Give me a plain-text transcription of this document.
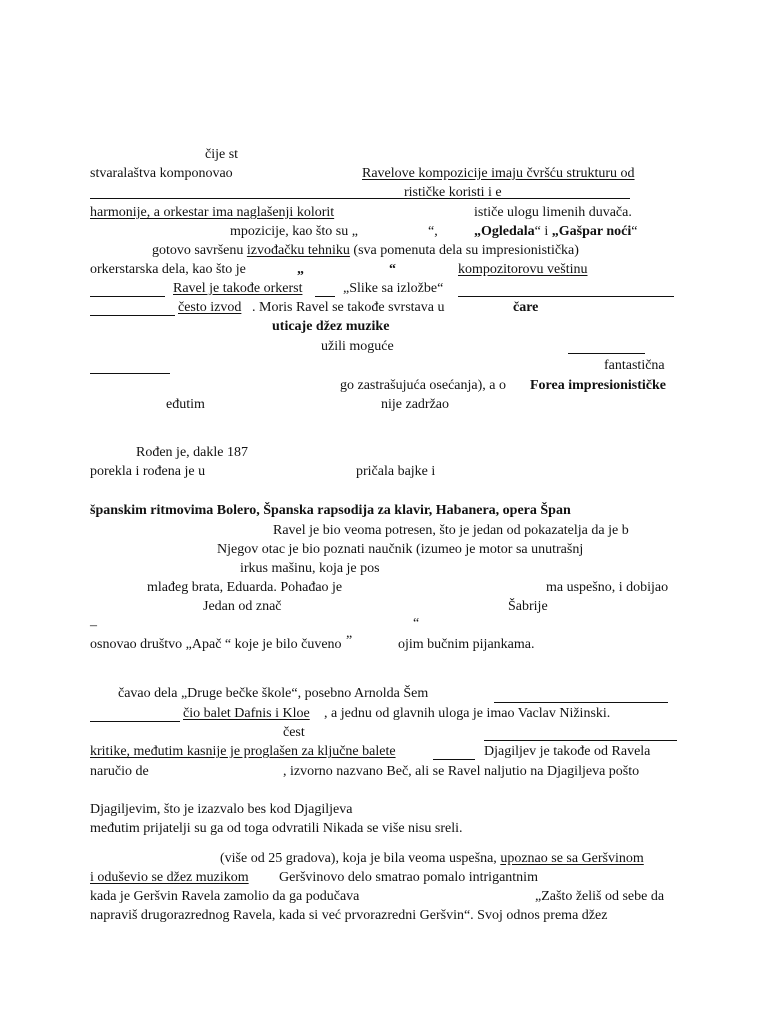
čije st
stvaralaštva komponovao	Ravelove kompozicije imaju čvršću strukturu od
rističke koristi i e
harmonije, a orkestar ima naglašenji kolorit	ističe ulogu limenih duvača.
mpozicije, kao što su „	“,	„Ogledala“ i „Gašpar noći“
gotovo savršenu izvođačku tehniku (sva pomenuta dela su impresionistička)
orkerstarska dela, kao što je	„	“	kompozitorovu veštinu
Ravel je takođe orkerst	„Slike sa izložbe“
često izvod . Moris Ravel se takođe svrstava u	čare
uticaje džez muzike
užili moguće
fantastična
go zastrašujuća osećanja), a o Forea impresionističke
eđutim	nije zadržao
Rođen je, dakle 187
porekla i rođena je u	pričala bajke i
španskim ritmovima Bolero, Španska rapsodija za klavir, Habanera, opera Špan
Ravel je bio veoma potresen, što je jedan od pokazatelja da je b
Njegov otac je bio poznati naučnik (izumeo je motor sa unutrašnj
irkus mašinu, koja je pos
mlađeg brata, Eduarda. Pohađao je	ma uspešno, i dobijao
Jedan od znač	Šabrije
–	“
„
osnovao društvo „Apač “ koje je bilo čuveno	ojim bučnim pijankama.
čavao dela „Druge bečke škole“, posebno Arnolda Šem
čio balet Dafnis i Kloe , a jednu od glavnih uloga je imao Vaclav Nižinski.
čest
kritike, međutim kasnije je proglašen za ključne balete	Djagiljev je takođe od Ravela
naručio de	, izvorno nazvano Beč, ali se Ravel naljutio na Djagiljeva pošto
Djagiljevim, što je izazvalo bes kod Djagiljeva
međutim prijatelji su ga od toga odvratili Nikada se više nisu sreli.
(više od 25 gradova), koja je bila veoma uspešna, upoznao se sa Geršvinom
i oduševio se džez muzikom Geršvinovo delo smatrao pomalo intrigantnim
kada je Geršvin Ravela zamolio da ga podučava	„Zašto želiš od sebe da
napraviš drugorazrednog Ravela, kada si već prvorazredni Geršvin“. Svoj odnos prema džez
